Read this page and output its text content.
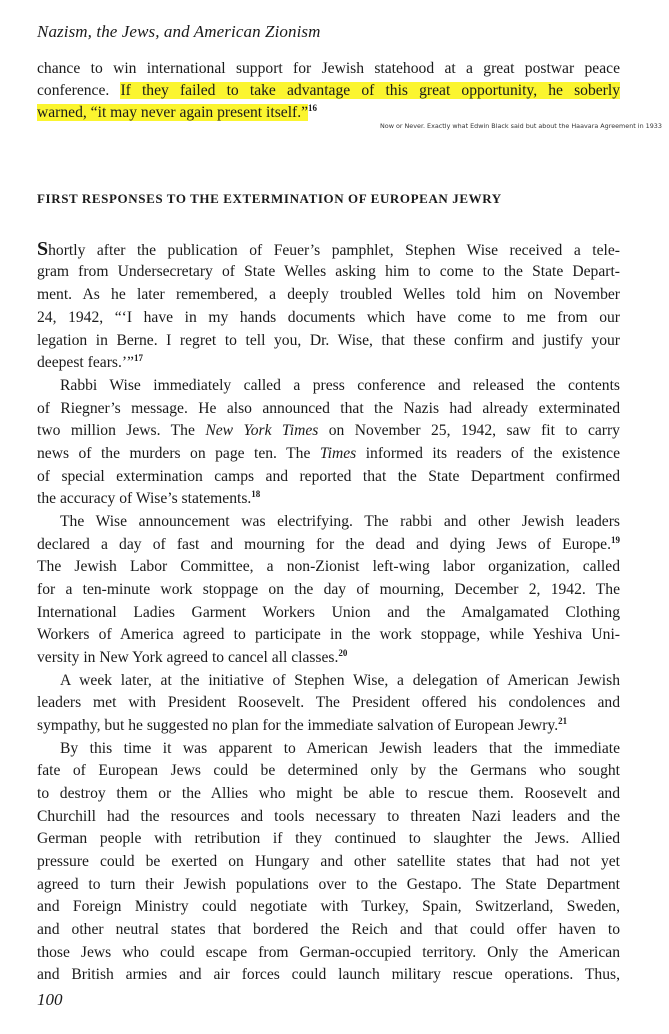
Nazism, the Jews, and American Zionism
chance to win international support for Jewish statehood at a great postwar peace
conference. If they failed to take advantage of this great opportunity, he soberly
warned, “it may never again present itself.”$^{16}$
Now or Never. Exactly what Edwin Black said but about the Haavara Agreement in 1933
FIRST RESPONSES TO THE EXTERMINATION OF EUROPEAN JEWRY
Shortly after the publication of Feuer’s pamphlet, Stephen Wise received a tele-
gram from Undersecretary of State Welles asking him to come to the State Depart-
ment. As he later remembered, a deeply troubled Welles told him on November
24, 1942, “‘I have in my hands documents which have come to me from our
legation in Berne. I regret to tell you, Dr. Wise, that these confirm and justify your
deepest fears.’”$^{17}$
Rabbi Wise immediately called a press conference and released the contents
of Riegner’s message. He also announced that the Nazis had already exterminated
two million Jews. The New York Times on November 25, 1942, saw fit to carry
news of the murders on page ten. The Times informed its readers of the existence
of special extermination camps and reported that the State Department confirmed
the accuracy of Wise’s statements.$^{18}$
The Wise announcement was electrifying. The rabbi and other Jewish leaders
declared a day of fast and mourning for the dead and dying Jews of Europe.$^{19}$
The Jewish Labor Committee, a non-Zionist left-wing labor organization, called
for a ten-minute work stoppage on the day of mourning, December 2, 1942. The
International Ladies Garment Workers Union and the Amalgamated Clothing
Workers of America agreed to participate in the work stoppage, while Yeshiva Uni-
versity in New York agreed to cancel all classes.$^{20}$
A week later, at the initiative of Stephen Wise, a delegation of American Jewish
leaders met with President Roosevelt. The President offered his condolences and
sympathy, but he suggested no plan for the immediate salvation of European Jewry.$^{21}$
By this time it was apparent to American Jewish leaders that the immediate
fate of European Jews could be determined only by the Germans who sought
to destroy them or the Allies who might be able to rescue them. Roosevelt and
Churchill had the resources and tools necessary to threaten Nazi leaders and the
German people with retribution if they continued to slaughter the Jews. Allied
pressure could be exerted on Hungary and other satellite states that had not yet
agreed to turn their Jewish populations over to the Gestapo. The State Department
and Foreign Ministry could negotiate with Turkey, Spain, Switzerland, Sweden,
and other neutral states that bordered the Reich and that could offer haven to
those Jews who could escape from German-occupied territory. Only the American
and British armies and air forces could launch military rescue operations. Thus,
100
